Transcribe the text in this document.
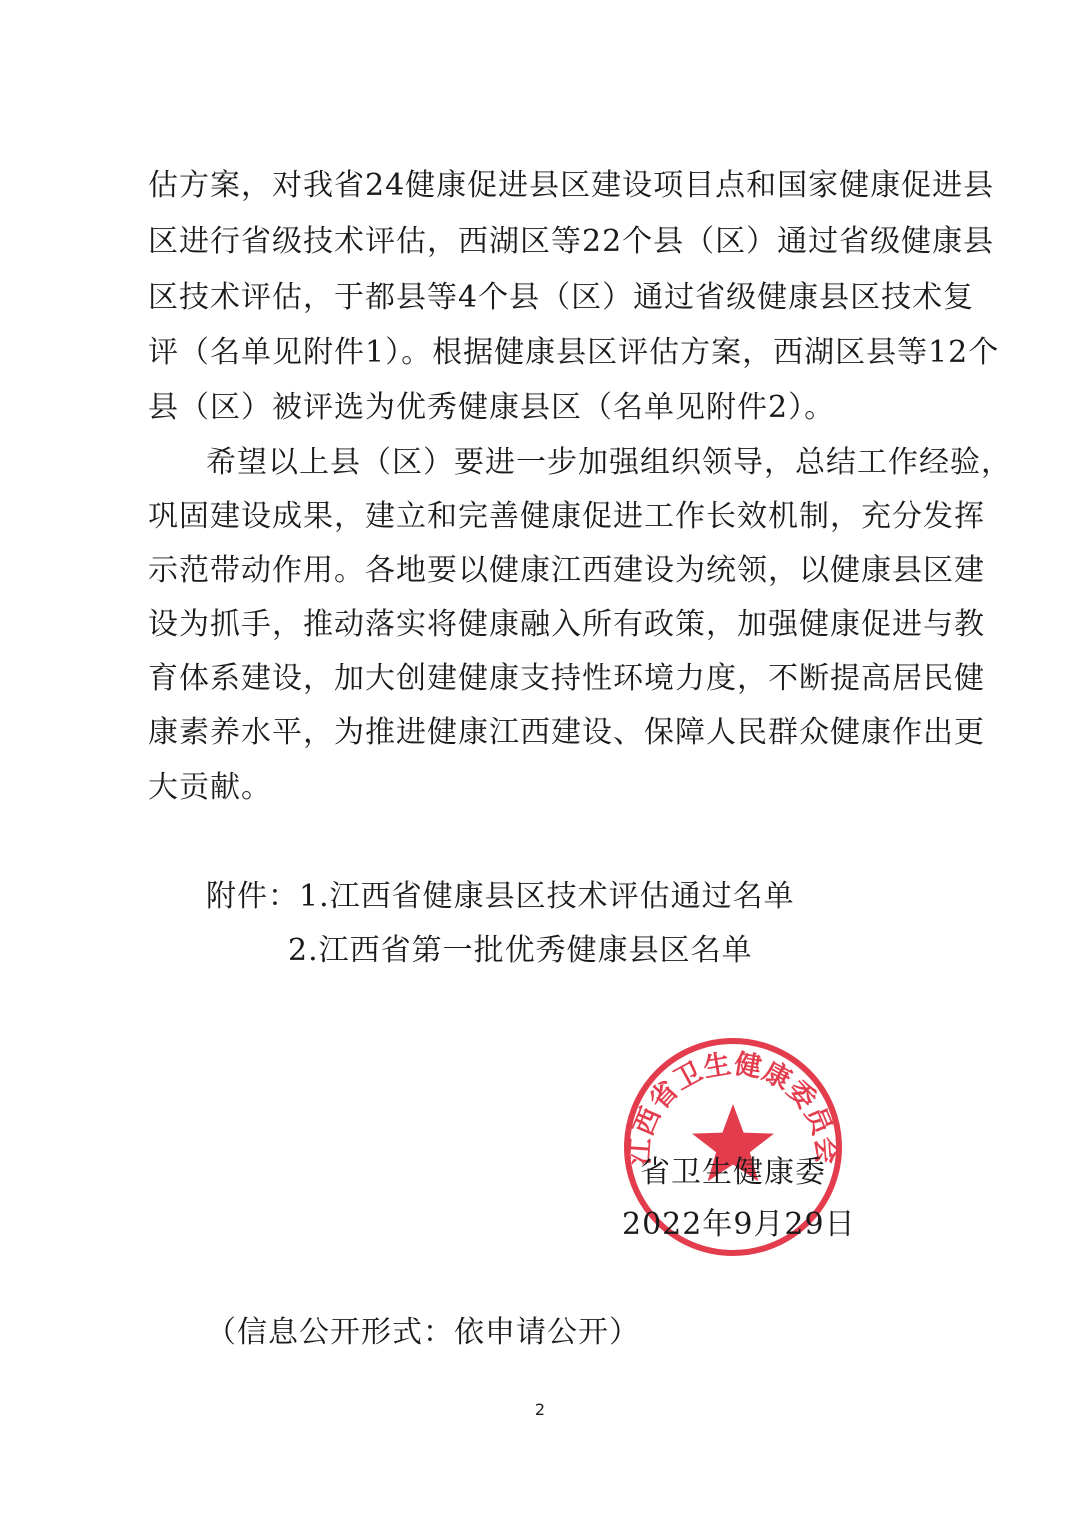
估方案，对我省24健康促进县区建设项目点和国家健康促进县
区进行省级技术评估，西湖区等22个县（区）通过省级健康县
区技术评估，于都县等4个县（区）通过省级健康县区技术复
评（名单见附件1）。根据健康县区评估方案，西湖区县等12个
县（区）被评选为优秀健康县区（名单见附件2）。
希望以上县（区）要进一步加强组织领导，总结工作经验，
巩固建设成果，建立和完善健康促进工作长效机制，充分发挥
示范带动作用。各地要以健康江西建设为统领，以健康县区建
设为抓手，推动落实将健康融入所有政策，加强健康促进与教
育体系建设，加大创建健康支持性环境力度，不断提高居民健
康素养水平，为推进健康江西建设、保障人民群众健康作出更
大贡献。
附件：1.江西省健康县区技术评估通过名单
2.江西省第一批优秀健康县区名单
江西省卫生健康委员会
省卫生健康委
2022年9月29日
（信息公开形式：依申请公开）
2
